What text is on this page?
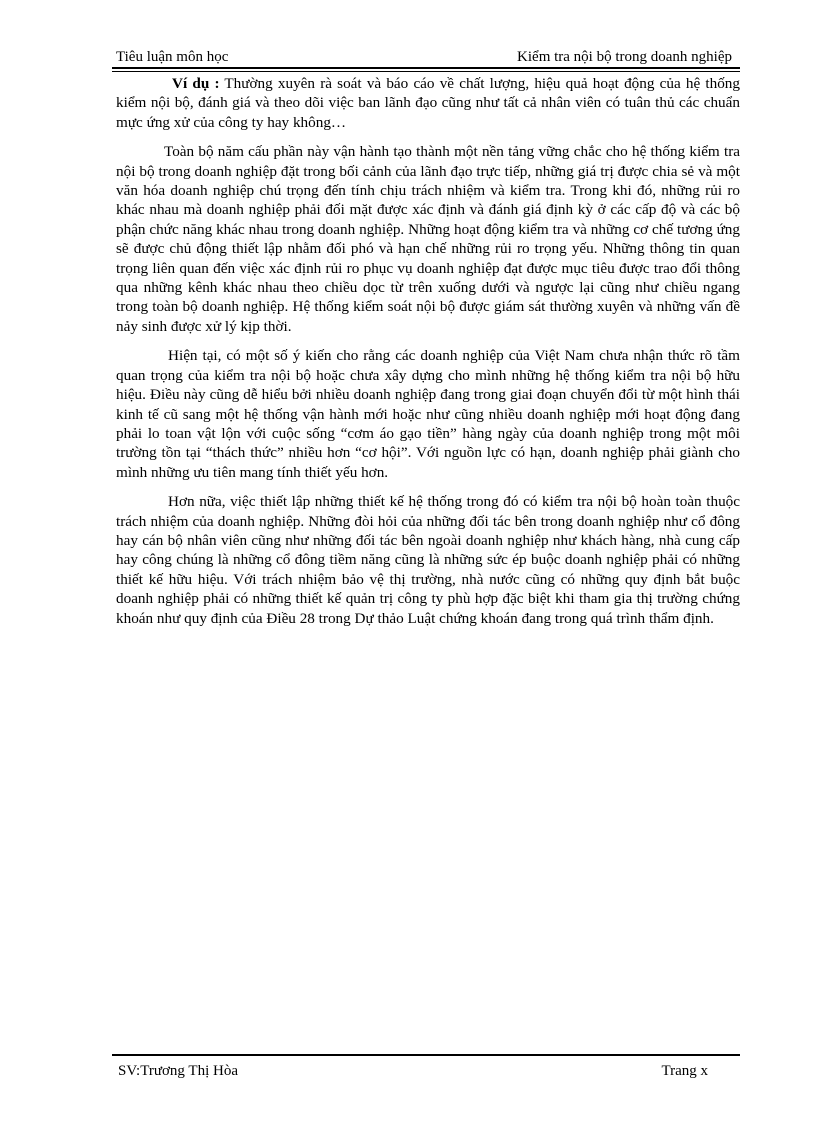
Tiêu luận môn học	Kiểm tra nội bộ trong doanh nghiệp

Ví dụ : Thường xuyên rà soát và báo cáo về chất lượng, hiệu quả hoạt động của hệ thống kiểm nội bộ, đánh giá và theo dõi việc ban lãnh đạo cũng như tất cả nhân viên có tuân thủ các chuẩn mực ứng xử của công ty hay không…

Toàn bộ năm cấu phần này vận hành tạo thành một nền tảng vững chắc cho hệ thống kiểm tra nội bộ trong doanh nghiệp đặt trong bối cảnh của lãnh đạo trực tiếp, những giá trị được chia sẻ và một văn hóa doanh nghiệp chú trọng đến tính chịu trách nhiệm và kiểm tra. Trong khi đó, những rủi ro khác nhau mà doanh nghiệp phải đối mặt được xác định và đánh giá định kỳ ở các cấp độ và các bộ phận chức năng khác nhau trong doanh nghiệp. Những hoạt động kiểm tra và những cơ chế tương ứng sẽ được chủ động thiết lập nhằm đối phó và hạn chế những rủi ro trọng yếu. Những thông tin quan trọng liên quan đến việc xác định rủi ro phục vụ doanh nghiệp đạt được mục tiêu được trao đổi thông qua những kênh khác nhau theo chiều dọc từ trên xuống dưới và ngược lại cũng như chiều ngang trong toàn bộ doanh nghiệp. Hệ thống kiểm soát nội bộ được giám sát thường xuyên và những vấn đề nảy sinh được xử lý kịp thời.

Hiện tại, có một số ý kiến cho rằng các doanh nghiệp của Việt Nam chưa nhận thức rõ tầm quan trọng của kiểm tra nội bộ hoặc chưa xây dựng cho mình những hệ thống kiểm tra nội bộ hữu hiệu. Điều này cũng dễ hiểu bởi nhiều doanh nghiệp đang trong giai đoạn chuyển đổi từ một hình thái kinh tế cũ sang một hệ thống vận hành mới hoặc như cũng nhiều doanh nghiệp mới hoạt động đang phải lo toan vật lộn với cuộc sống “cơm áo gạo tiền” hàng ngày của doanh nghiệp trong một môi trường tồn tại “thách thức” nhiều hơn “cơ hội”. Với nguồn lực có hạn, doanh nghiệp phải giành cho mình những ưu tiên mang tính thiết yếu hơn.

Hơn nữa, việc thiết lập những thiết kế hệ thống trong đó có kiểm tra nội bộ hoàn toàn thuộc trách nhiệm của doanh nghiệp. Những đòi hỏi của những đối tác bên trong doanh nghiệp như cổ đông hay cán bộ nhân viên cũng như những đối tác bên ngoài doanh nghiệp như khách hàng, nhà cung cấp hay công chúng là những cổ đông tiềm năng cũng là những sức ép buộc doanh nghiệp phải có những thiết kế hữu hiệu. Với trách nhiệm bảo vệ thị trường, nhà nước cũng có những quy định bắt buộc doanh nghiệp phải có những thiết kế quản trị công ty phù hợp đặc biệt khi tham gia thị trường chứng khoán như quy định của Điều 28 trong Dự thảo Luật chứng khoán đang trong quá trình thẩm định.

SV:Trương Thị Hòa	Trang x
